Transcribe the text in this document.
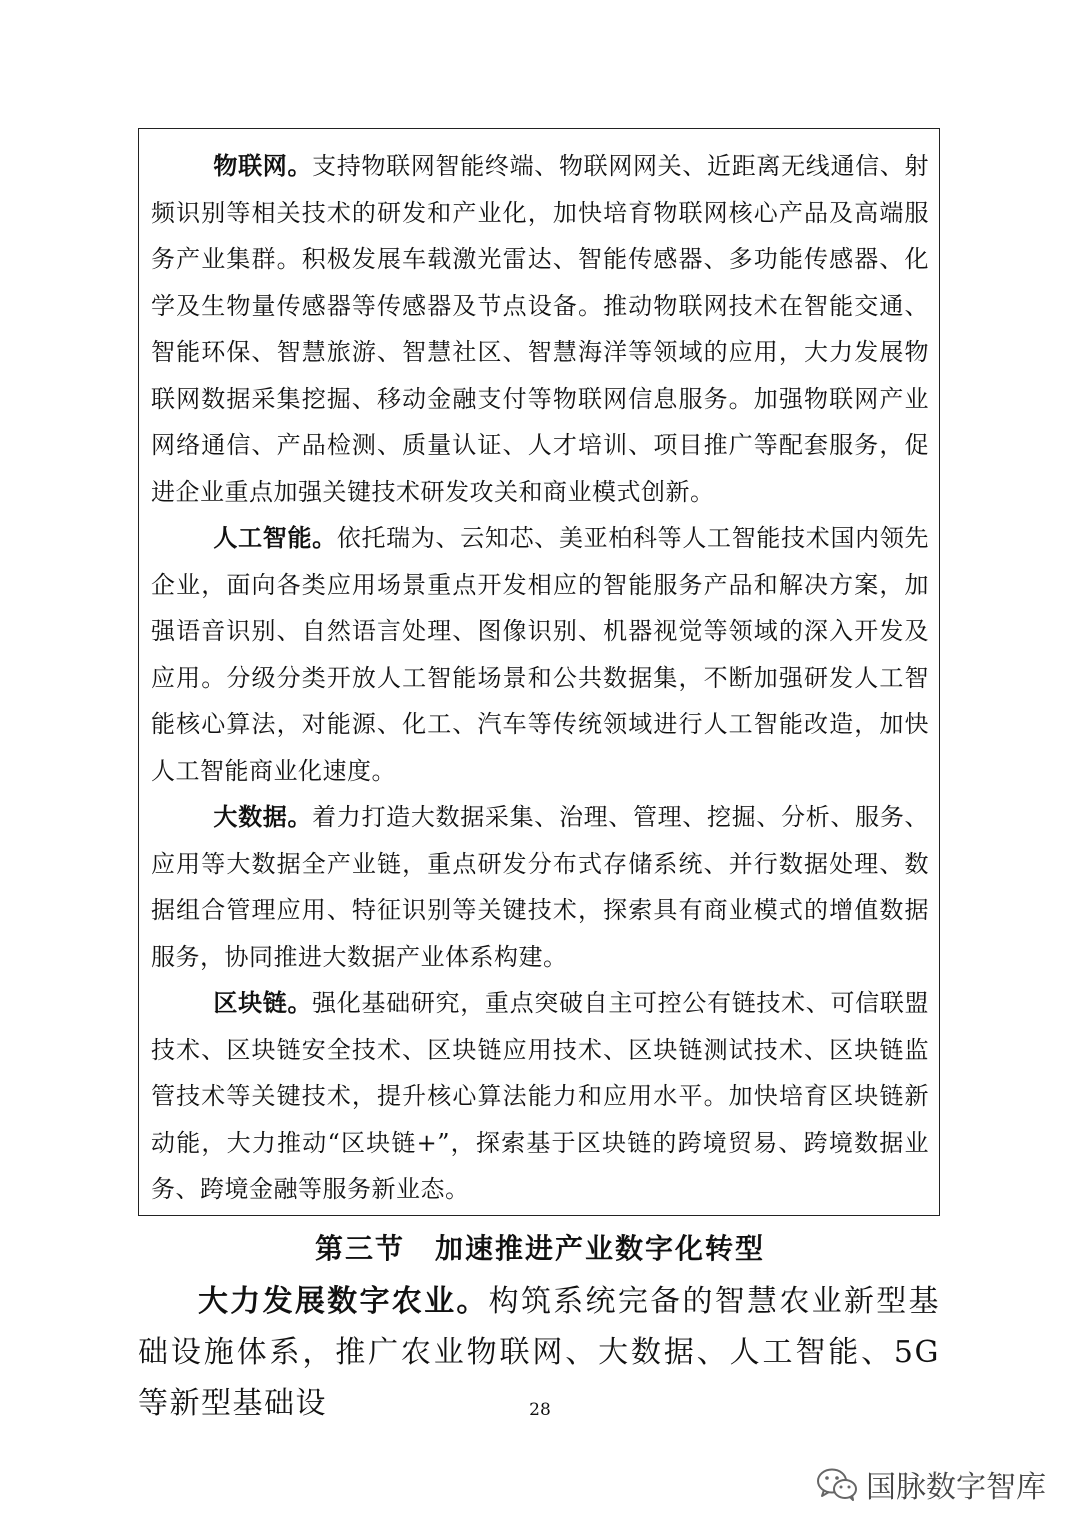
物联网。支持物联网智能终端、物联网网关、近距离无线通信、射频识别等相关技术的研发和产业化，加快培育物联网核心产品及高端服务产业集群。积极发展车载激光雷达、智能传感器、多功能传感器、化学及生物量传感器等传感器及节点设备。推动物联网技术在智能交通、智能环保、智慧旅游、智慧社区、智慧海洋等领域的应用，大力发展物联网数据采集挖掘、移动金融支付等物联网信息服务。加强物联网产业网络通信、产品检测、质量认证、人才培训、项目推广等配套服务，促进企业重点加强关键技术研发攻关和商业模式创新。

人工智能。依托瑞为、云知芯、美亚柏科等人工智能技术国内领先企业，面向各类应用场景重点开发相应的智能服务产品和解决方案，加强语音识别、自然语言处理、图像识别、机器视觉等领域的深入开发及应用。分级分类开放人工智能场景和公共数据集，不断加强研发人工智能核心算法，对能源、化工、汽车等传统领域进行人工智能改造，加快人工智能商业化速度。

大数据。着力打造大数据采集、治理、管理、挖掘、分析、服务、应用等大数据全产业链，重点研发分布式存储系统、并行数据处理、数据组合管理应用、特征识别等关键技术，探索具有商业模式的增值数据服务，协同推进大数据产业体系构建。

区块链。强化基础研究，重点突破自主可控公有链技术、可信联盟技术、区块链安全技术、区块链应用技术、区块链测试技术、区块链监管技术等关键技术，提升核心算法能力和应用水平。加快培育区块链新动能，大力推动“区块链+”，探索基于区块链的跨境贸易、跨境数据业务、跨境金融等服务新业态。

第三节　加速推进产业数字化转型

大力发展数字农业。构筑系统完备的智慧农业新型基础设施体系，推广农业物联网、大数据、人工智能、5G等新型基础设	28

国脉数字智库
